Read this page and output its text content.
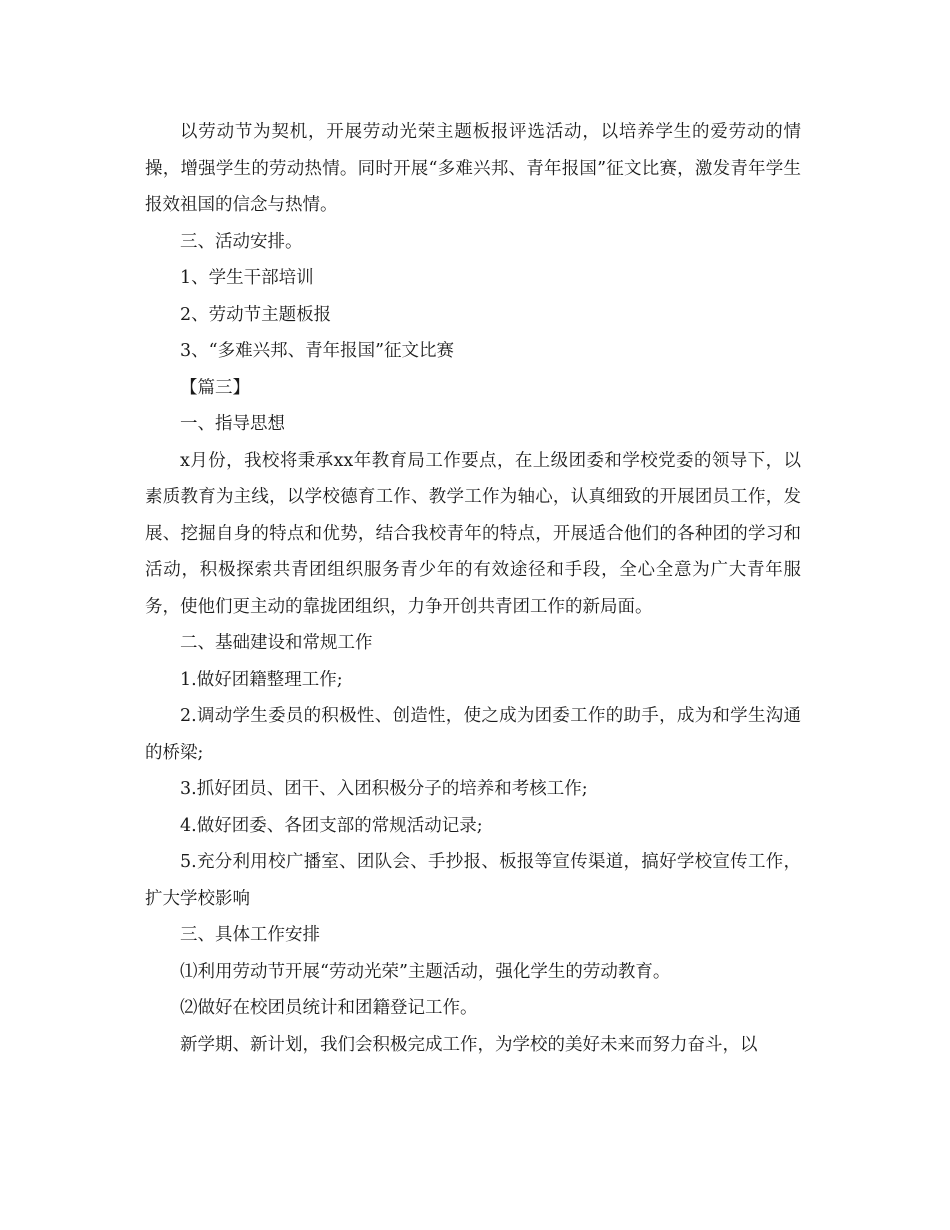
以劳动节为契机，开展劳动光荣主题板报评选活动，以培养学生的爱劳动的情操，增强学生的劳动热情。同时开展“多难兴邦、青年报国”征文比赛，激发青年学生报效祖国的信念与热情。

三、活动安排。

1、学生干部培训

2、劳动节主题板报

3、“多难兴邦、青年报国”征文比赛

【篇三】

一、指导思想

x月份，我校将秉承xx年教育局工作要点，在上级团委和学校党委的领导下，以素质教育为主线，以学校德育工作、教学工作为轴心，认真细致的开展团员工作，发展、挖掘自身的特点和优势，结合我校青年的特点，开展适合他们的各种团的学习和活动，积极探索共青团组织服务青少年的有效途径和手段，全心全意为广大青年服务，使他们更主动的靠拢团组织，力争开创共青团工作的新局面。

二、基础建设和常规工作

1.做好团籍整理工作;

2.调动学生委员的积极性、创造性，使之成为团委工作的助手，成为和学生沟通的桥梁;

3.抓好团员、团干、入团积极分子的培养和考核工作;

4.做好团委、各团支部的常规活动记录;

5.充分利用校广播室、团队会、手抄报、板报等宣传渠道，搞好学校宣传工作，扩大学校影响

三、具体工作安排

⑴利用劳动节开展“劳动光荣”主题活动，强化学生的劳动教育。

⑵做好在校团员统计和团籍登记工作。

新学期、新计划，我们会积极完成工作，为学校的美好未来而努力奋斗，以
